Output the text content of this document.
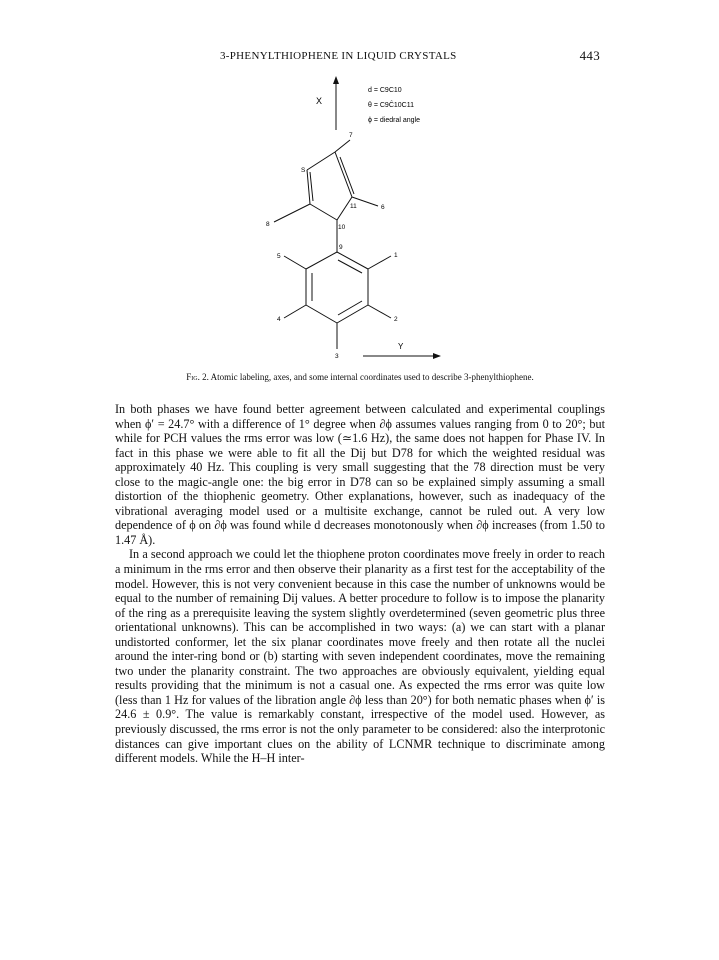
3-PHENYLTHIOPHENE IN LIQUID CRYSTALS	443
X
d = C9C10
θ = C9Ĉ10C11
ϕ = diedral angle
1
2
3
4
5
6
7
8
9
10
11
S
Y
Fig. 2. Atomic labeling, axes, and some internal coordinates used to describe 3-phenylthiophene.

In both phases we have found better agreement between calculated and experimental couplings when ϕ′ = 24.7° with a difference of 1° degree when ∂ϕ assumes values ranging from 0 to 20°; but while for PCH values the rms error was low (≃1.6 Hz), the same does not happen for Phase IV. In fact in this phase we were able to fit all the Dij but D78 for which the weighted residual was approximately 40 Hz. This coupling is very small suggesting that the 78 direction must be very close to the magic-angle one: the big error in D78 can so be explained simply assuming a small distortion of the thiophenic geometry. Other explanations, however, such as inadequacy of the vibrational averaging model used or a multisite exchange, cannot be ruled out. A very low dependence of ϕ on ∂ϕ was found while d decreases monotonously when ∂ϕ increases (from 1.50 to 1.47 Å).

In a second approach we could let the thiophene proton coordinates move freely in order to reach a minimum in the rms error and then observe their planarity as a first test for the acceptability of the model. However, this is not very convenient because in this case the number of unknowns would be equal to the number of remaining Dij values. A better procedure to follow is to impose the planarity of the ring as a prerequisite leaving the system slightly overdetermined (seven geometric plus three orientational unknowns). This can be accomplished in two ways: (a) we can start with a planar undistorted conformer, let the six planar coordinates move freely and then rotate all the nuclei around the inter-ring bond or (b) starting with seven independent coordinates, move the remaining two under the planarity constraint. The two approaches are obviously equivalent, yielding equal results providing that the minimum is not a casual one. As expected the rms error was quite low (less than 1 Hz for values of the libration angle ∂ϕ less than 20°) for both nematic phases when ϕ′ is 24.6 ± 0.9°. The value is remarkably constant, irrespective of the model used. However, as previously discussed, the rms error is not the only parameter to be considered: also the interprotonic distances can give important clues on the ability of LCNMR technique to discriminate among different models. While the H–H inter-
